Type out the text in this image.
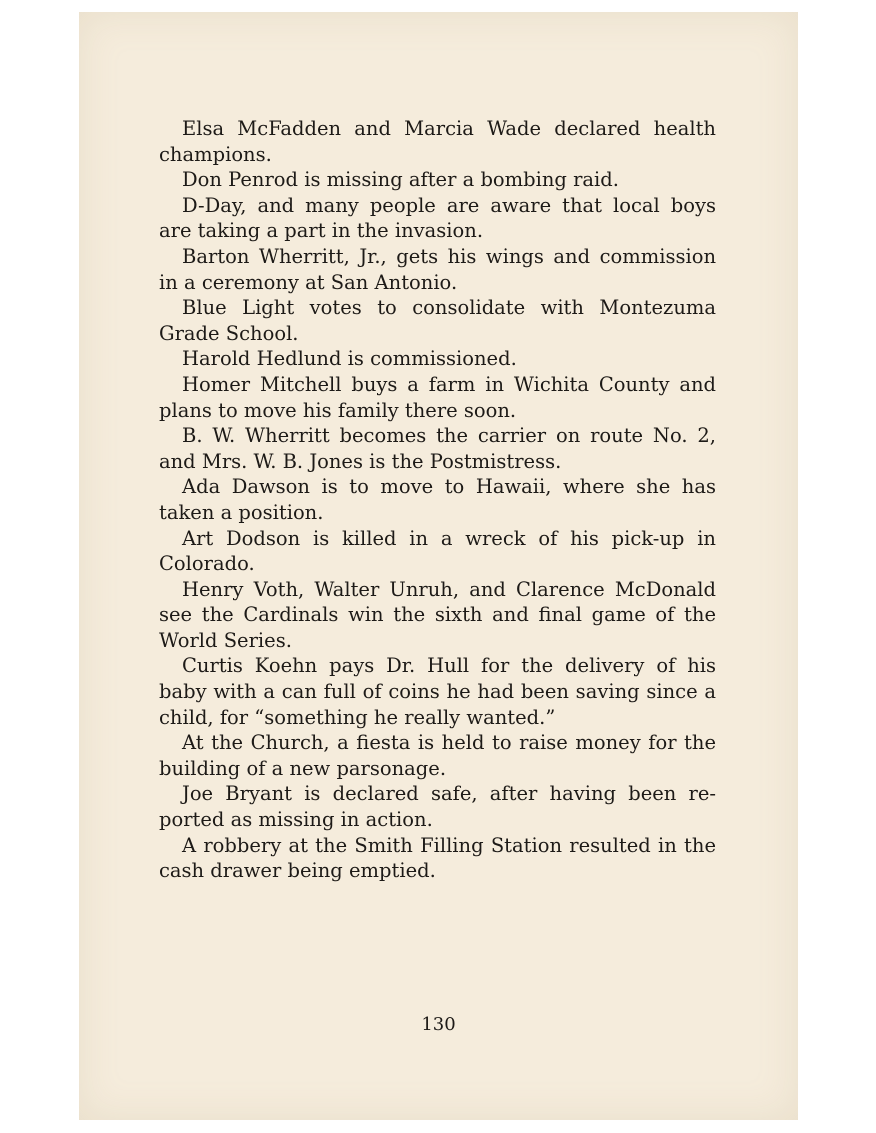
Elsa McFadden and Marcia Wade declared health champions.

Don Penrod is missing after a bombing raid.

D-Day, and many people are aware that local boys are taking a part in the invasion.

Barton Wherritt, Jr., gets his wings and commission in a ceremony at San Antonio.

Blue Light votes to consolidate with Montezuma Grade School.

Harold Hedlund is commissioned.

Homer Mitchell buys a farm in Wichita County and plans to move his family there soon.

B. W. Wherritt becomes the carrier on route No. 2, and Mrs. W. B. Jones is the Postmistress.

Ada Dawson is to move to Hawaii, where she has taken a position.

Art Dodson is killed in a wreck of his pick-up in Colorado.

Henry Voth, Walter Unruh, and Clarence McDonald see the Cardinals win the sixth and final game of the World Series.

Curtis Koehn pays Dr. Hull for the delivery of his baby with a can full of coins he had been saving since a child, for “something he really wanted.”

At the Church, a fiesta is held to raise money for the building of a new parsonage.

Joe Bryant is declared safe, after having been re-ported as missing in action.

A robbery at the Smith Filling Station resulted in the cash drawer being emptied.

130
